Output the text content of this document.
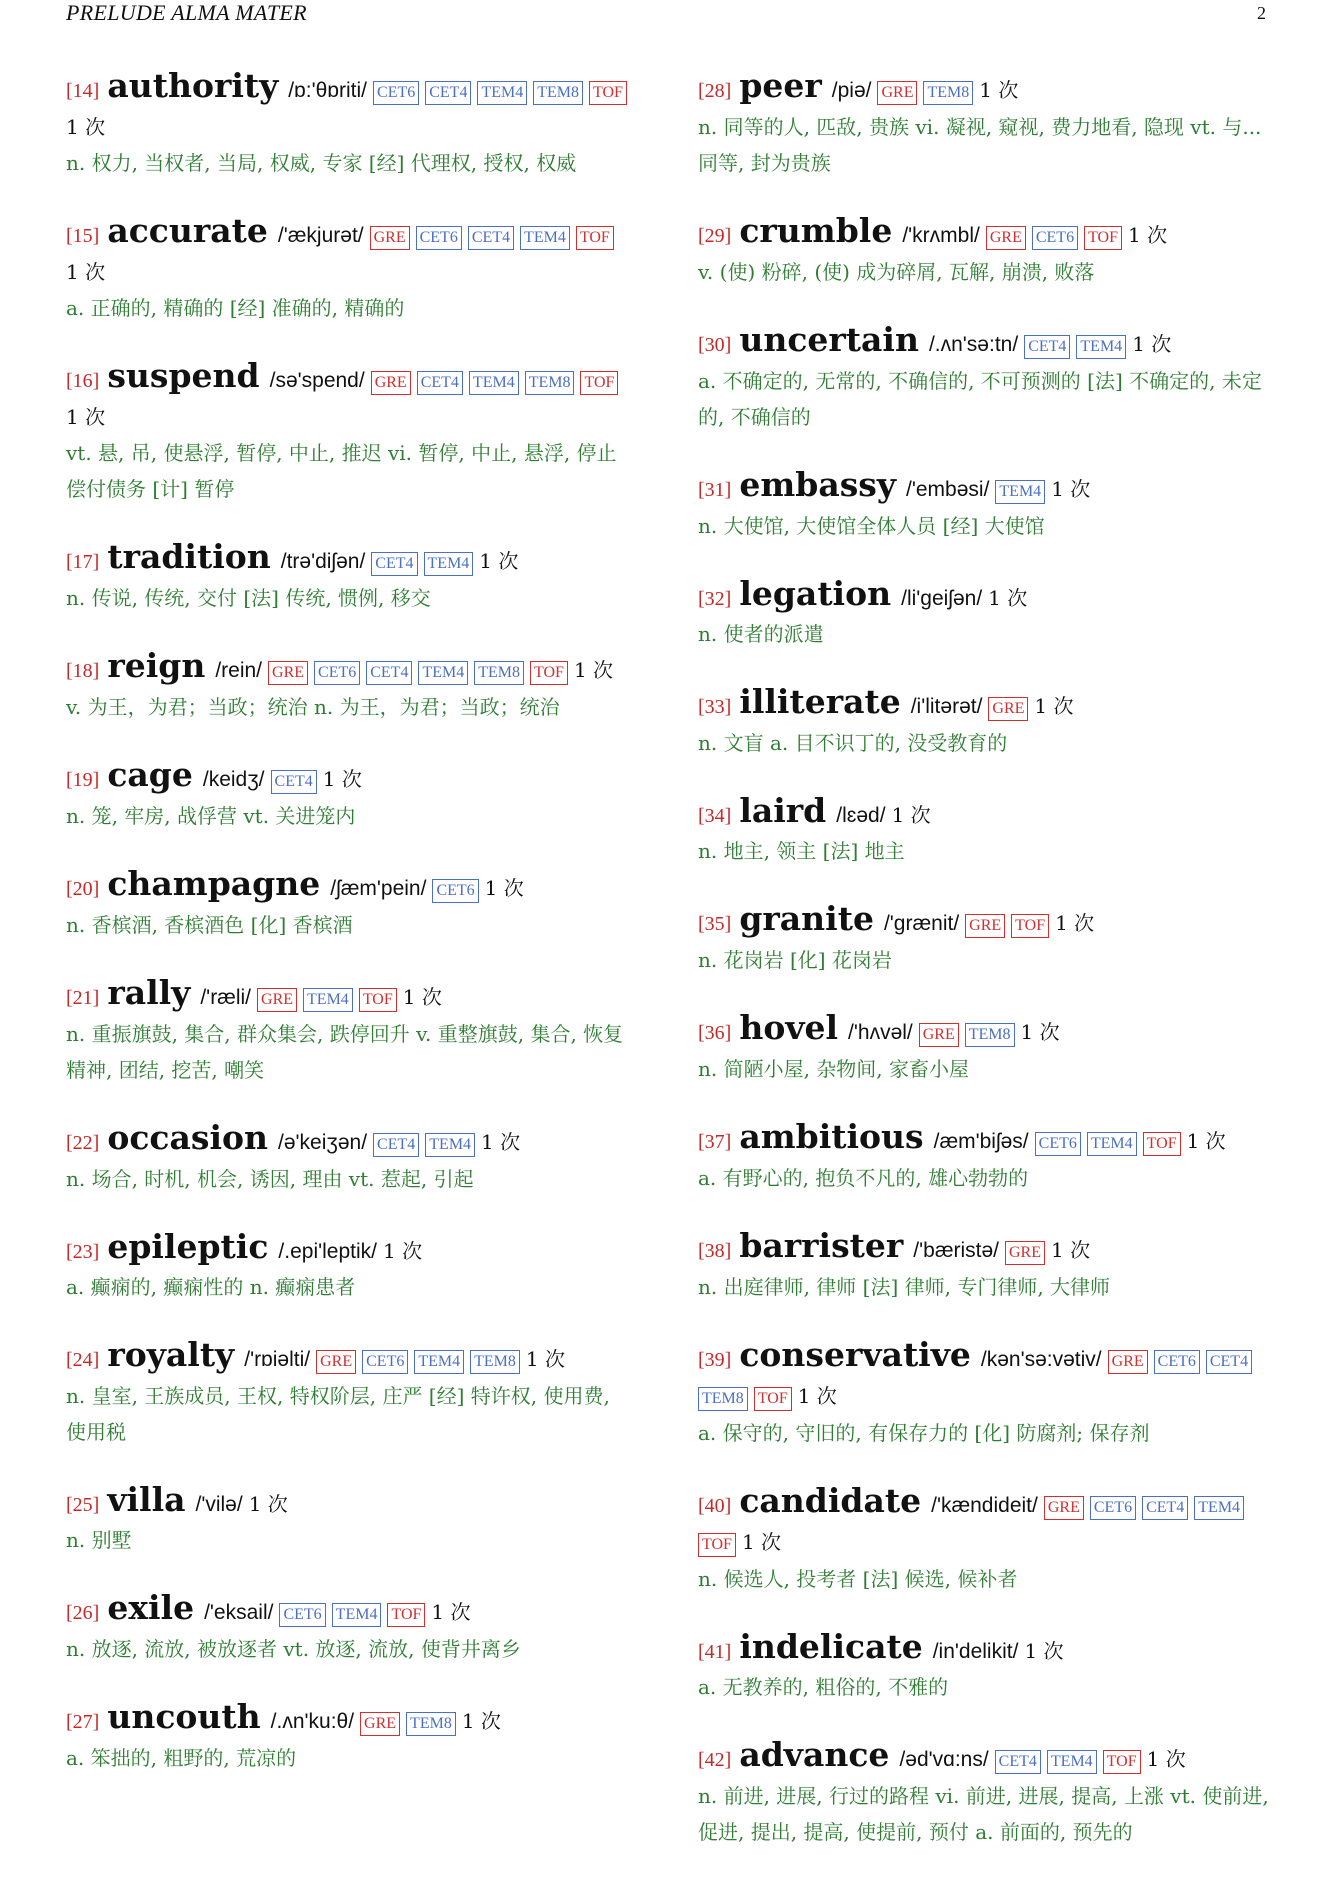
PRELUDE ALMA MATER	2
[14] authority /ɒ:'θɒriti/ CET6 CET4 TEM4 TEM8 TOF1 次
n. 权力, 当权者, 当局, 权威, 专家 [经] 代理权, 授权, 权威
[15] accurate /'ækjurət/ GRE CET6 CET4 TEM4 TOF1 次
a. 正确的, 精确的 [经] 准确的, 精确的
[16] suspend /sə'spend/ GRE CET4 TEM4 TEM8 TOF1 次
vt. 悬, 吊, 使悬浮, 暂停, 中止, 推迟 vi. 暂停, 中止, 悬浮, 停止偿付债务 [计] 暂停
[17] tradition /trə'diʃən/ CET4 TEM4 1 次
n. 传说, 传统, 交付 [法] 传统, 惯例, 移交
[18] reign /rein/ GRE CET6 CET4 TEM4 TEM8 TOF 1 次
v. 为王，为君；当政；统治 n. 为王，为君；当政；统治
[19] cage /keidʒ/ CET4 1 次
n. 笼, 牢房, 战俘营 vt. 关进笼内
[20] champagne /ʃæm'pein/ CET6 1 次
n. 香槟酒, 香槟酒色 [化] 香槟酒
[21] rally /'ræli/ GRE TEM4 TOF 1 次
n. 重振旗鼓, 集合, 群众集会, 跌停回升 v. 重整旗鼓, 集合, 恢复精神, 团结, 挖苦, 嘲笑
[22] occasion /ə'keiʒən/ CET4 TEM4 1 次
n. 场合, 时机, 机会, 诱因, 理由 vt. 惹起, 引起
[23] epileptic /.epi'leptik/ 1 次
a. 癫痫的, 癫痫性的 n. 癫痫患者
[24] royalty /'rɒiəlti/ GRE CET6 TEM4 TEM8 1 次
n. 皇室, 王族成员, 王权, 特权阶层, 庄严 [经] 特许权, 使用费, 使用税
[25] villa /'vilə/ 1 次
n. 别墅
[26] exile /'eksail/ CET6 TEM4 TOF 1 次
n. 放逐, 流放, 被放逐者 vt. 放逐, 流放, 使背井离乡
[27] uncouth /.ʌn'ku:θ/ GRE TEM8 1 次
a. 笨拙的, 粗野的, 荒凉的
[28] peer /piə/ GRE TEM8 1 次
n. 同等的人, 匹敌, 贵族 vi. 凝视, 窥视, 费力地看, 隐现 vt. 与... 同等, 封为贵族
[29] crumble /'krʌmbl/ GRE CET6 TOF 1 次
v. (使) 粉碎, (使) 成为碎屑, 瓦解, 崩溃, 败落
[30] uncertain /.ʌn'sə:tn/ CET4 TEM4 1 次
a. 不确定的, 无常的, 不确信的, 不可预测的 [法] 不确定的, 未定的, 不确信的
[31] embassy /'embəsi/ TEM4 1 次
n. 大使馆, 大使馆全体人员 [经] 大使馆
[32] legation /li'geiʃən/ 1 次
n. 使者的派遣
[33] illiterate /i'litərət/ GRE 1 次
n. 文盲 a. 目不识丁的, 没受教育的
[34] laird /lɛəd/ 1 次
n. 地主, 领主 [法] 地主
[35] granite /'grænit/ GRE TOF 1 次
n. 花岗岩 [化] 花岗岩
[36] hovel /'hʌvəl/ GRE TEM8 1 次
n. 简陋小屋, 杂物间, 家畜小屋
[37] ambitious /æm'biʃəs/ CET6 TEM4 TOF 1 次
a. 有野心的, 抱负不凡的, 雄心勃勃的
[38] barrister /'bæristə/ GRE 1 次
n. 出庭律师, 律师 [法] 律师, 专门律师, 大律师
[39] conservative /kən'sə:vətiv/ GRE CET6 CET4TEM8 TOF 1 次
a. 保守的, 守旧的, 有保存力的 [化] 防腐剂; 保存剂
[40] candidate /'kændideit/ GRE CET6 CET4 TEM4TOF 1 次
n. 候选人, 投考者 [法] 候选, 候补者
[41] indelicate /in'delikit/ 1 次
a. 无教养的, 粗俗的, 不雅的
[42] advance /əd'vɑ:ns/ CET4 TEM4 TOF 1 次
n. 前进, 进展, 行过的路程 vi. 前进, 进展, 提高, 上涨 vt. 使前进, 促进, 提出, 提高, 使提前, 预付 a. 前面的, 预先的
